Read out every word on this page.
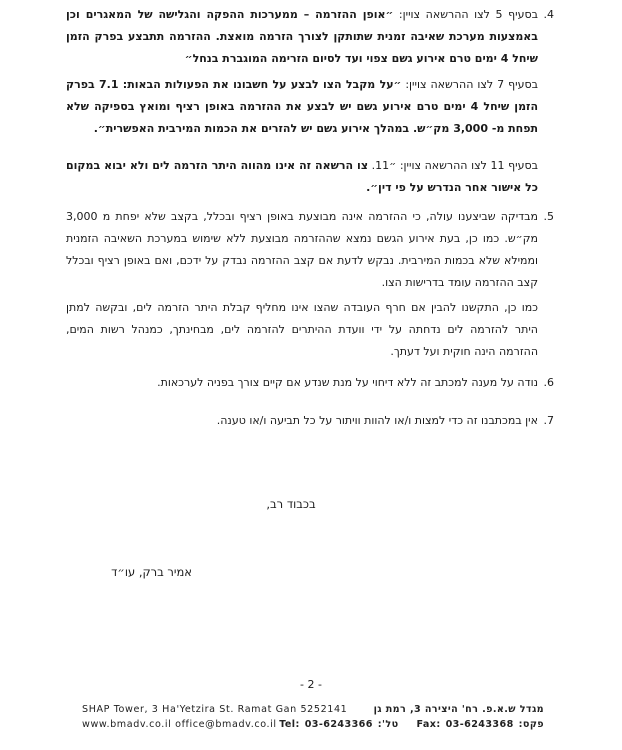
.4

בסעיף 5 לצו ההרשאה צויין: ״אופן ההזרמה – ממערכות ההפקה והגלישה של המאגרים וכן באמצעות מערכת שאיבה זמנית שתותקן לצורך הזרמה מואצת. ההזרמה תתבצע בפרק הזמן שיחל 4 ימים טרם אירוע גשם צפוי ועד לסיום הזרימה המוגברת בנחל״

בסעיף 7 לצו ההרשאה צויין: ״על מקבל הצו לבצע על חשבונו את הפעולות הבאות: 7.1 בפרק הזמן שיחל 4 ימים טרם אירוע גשם יש לבצע את ההזרמה באופן רציף ומואץ בספיקה שלא תפחת מ- 3,000 מק״ש. במהלך אירוע גשם יש להזרים את הכמות המירבית האפשרית״.

בסעיף 11 לצו ההרשאה צויין: ״11. צו הרשאה זה אינו מהווה היתר הזרמה לים ולא יבוא במקום כל אישור אחר הנדרש על פי דין״.

.5

מבדיקה שביצענו עולה, כי ההזרמה אינה מבוצעת באופן רציף ובכלל, בקצב שלא יפחת מ 3,000 מק״ש. כמו כן, בעת אירוע הגשם נמצא שההזרמה מבוצעת ללא שימוש במערכת השאיבה הזמנית וממילא שלא בכמות המירבית. נבקש לדעת אם קצב ההזרמה נבדק על ידכם, ואם באופן רציף ובכלל קצב ההזרמה עומד בדרישות הצו.

כמו כן, התקשנו להבין אם חרף העובדה שהצו אינו מחליף קבלת היתר הזרמה לים, ובקשה למתן היתר להזרמה לים נדחתה על ידי וועדת ההיתרים להזרמה לים, מבחינתך, כמנהל רשות המים, ההזרמה הינה חוקית ועל דעתך.

.6

נודה על מענה למכתב זה ללא דיחוי על מנת שנדע אם קיים צורך בפניה לערכאות.

.7

אין במכתבנו זה כדי למצות ו/או להוות וויתור על כל תביעה ו/או טענה.

בכבוד רב,
אמיר ברק, עו״ד
- 2 -
SHAP Tower, 3 Ha'Yetzira St. Ramat Gan 5252141	מגדל ש.א.פ. רח' היצירה 3, רמת גן
www.bmadv.co.il office@bmadv.co.il	פקס:
03-6243368
Fax:
טל':
03-6243366
Tel:
